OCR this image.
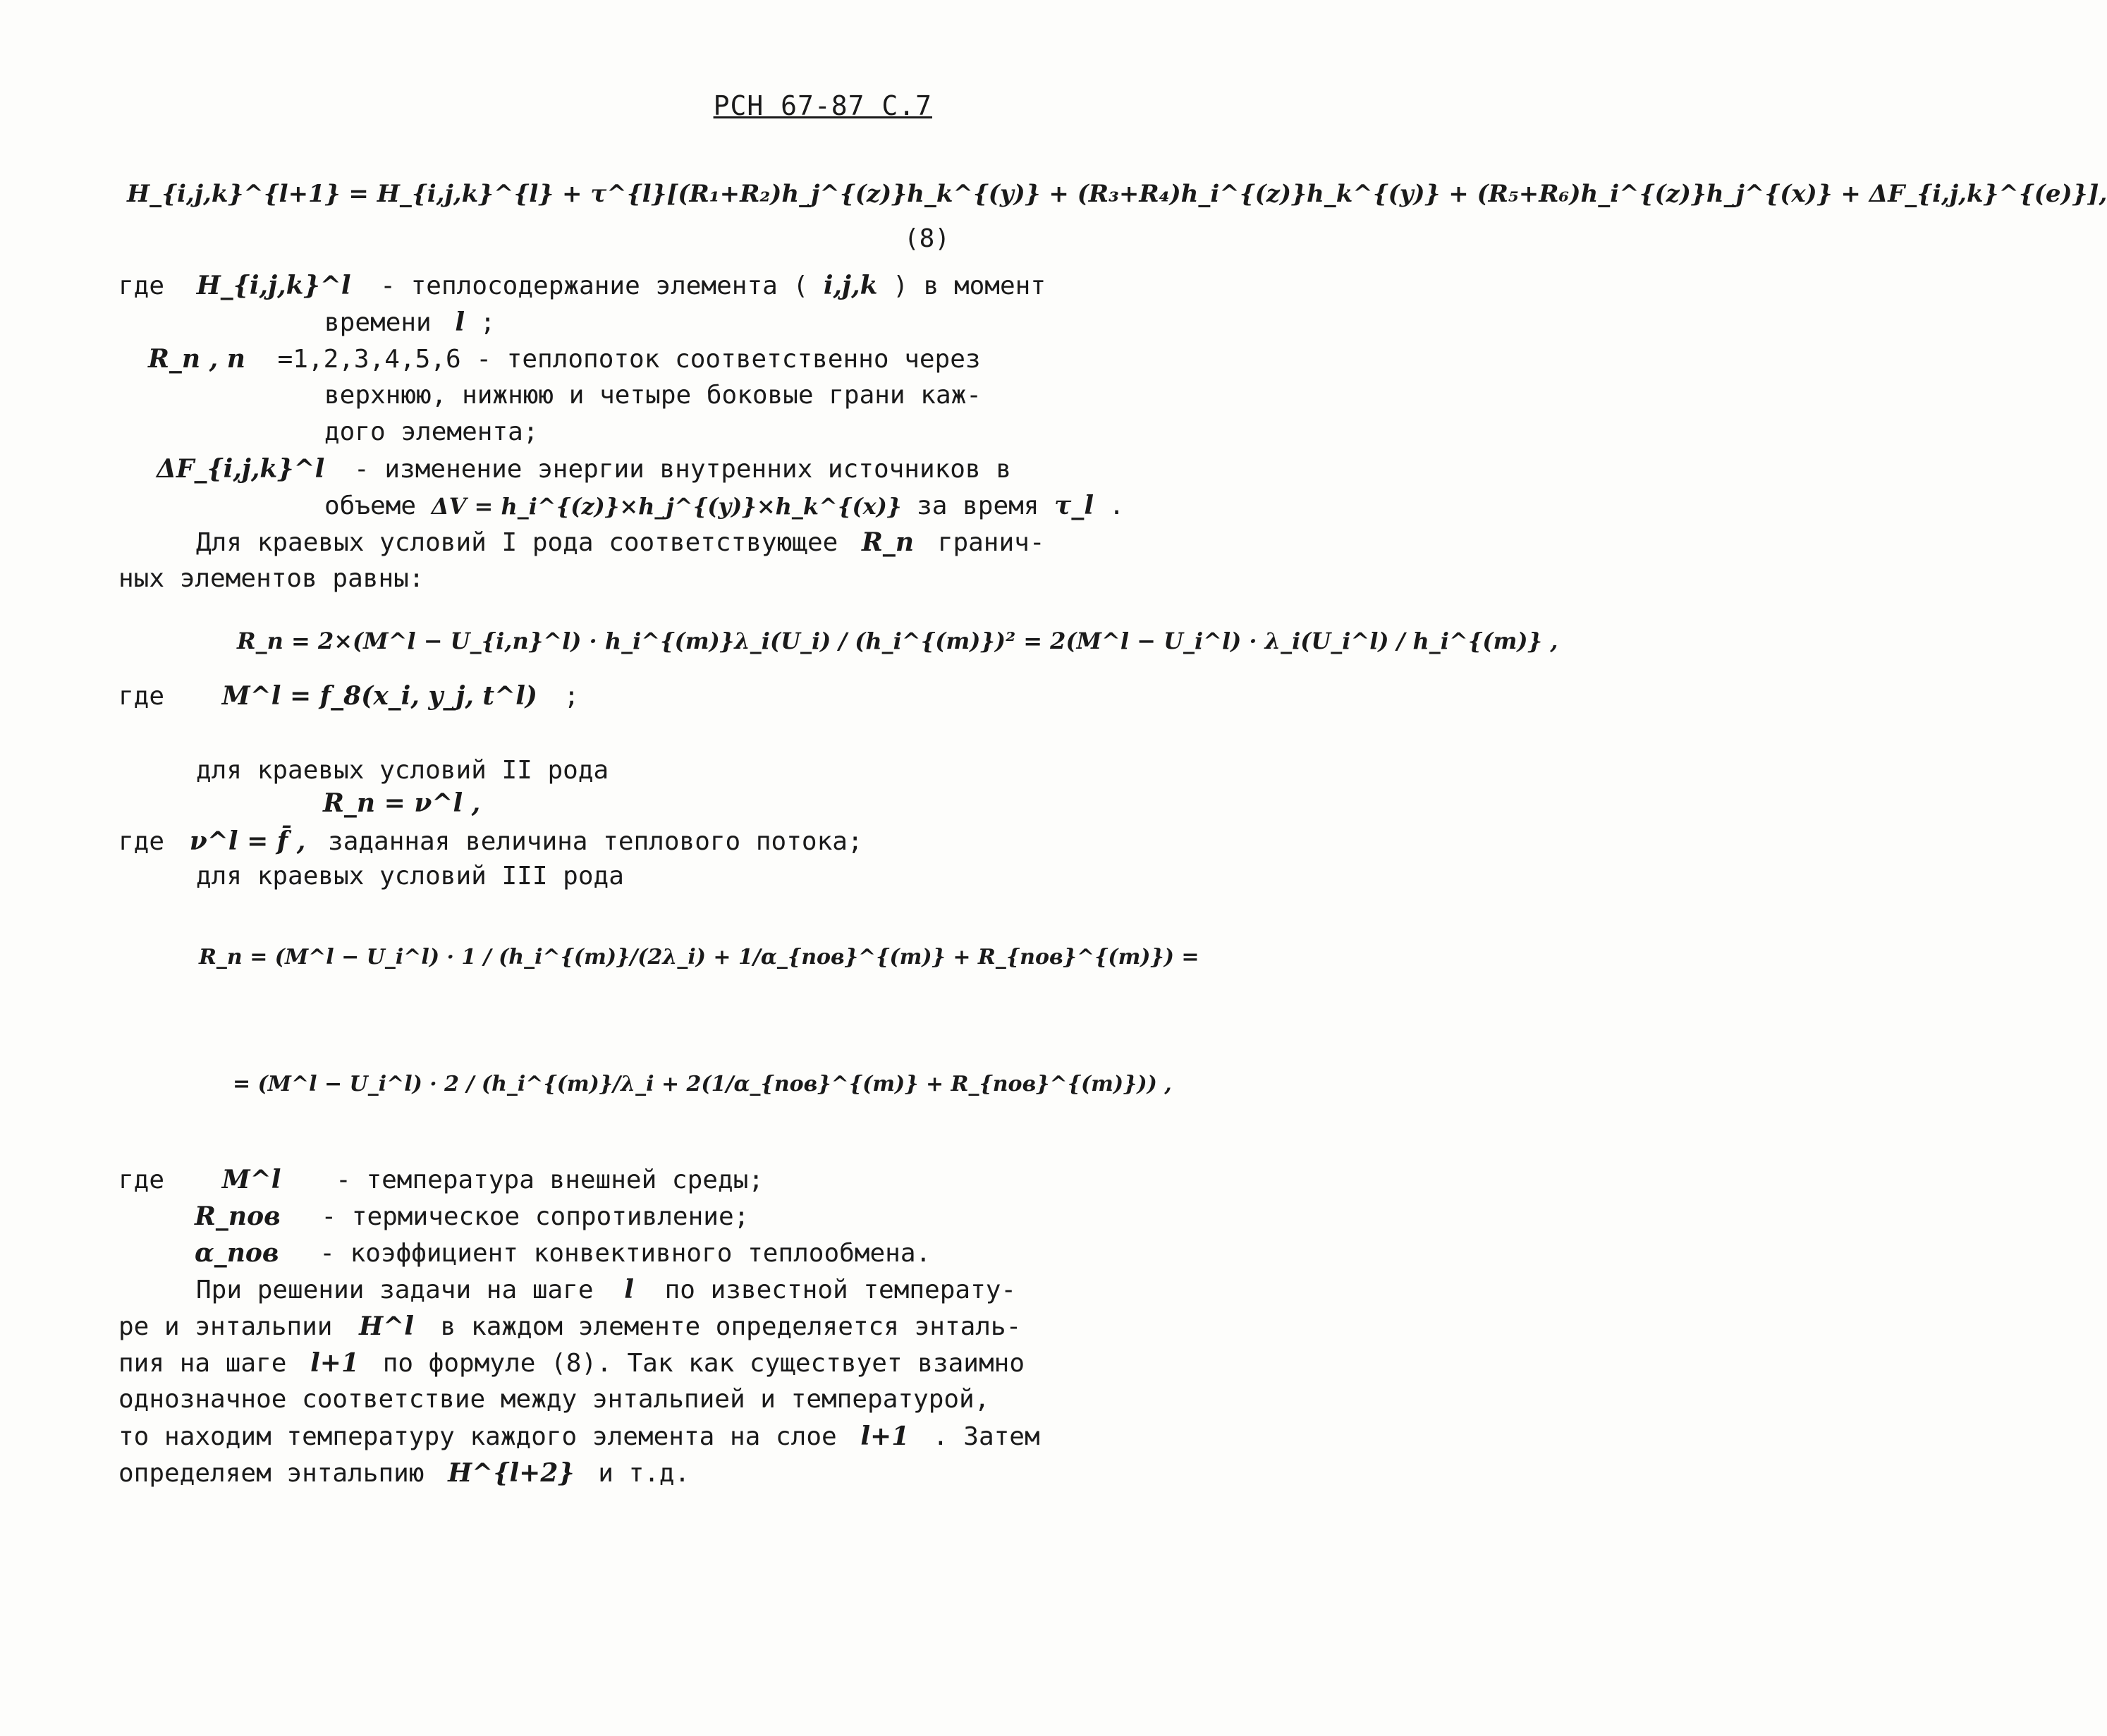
РСН 67-87 С.7
H_{i,j,k}^{l+1} = H_{i,j,k}^{l} + τ^{l}[(R₁+R₂)h_j^{(z)}h_k^{(y)} + (R₃+R₄)h_i^{(z)}h_k^{(y)} + (R₅+R₆)h_i^{(z)}h_j^{(x)} + ΔF_{i,j,k}^{(e)}],
(8)
где H_{i,j,k}^l - теплосодержание элемента ( i,j,k ) в момент
времени l ;
R_n , n =1,2,3,4,5,6 - теплопоток соответственно через
верхнюю, нижнюю и четыре боковые грани каж-
дого элемента;
ΔF_{i,j,k}^l - изменение энергии внутренних источников в
объеме ΔV = h_i^{(z)}×h_j^{(y)}×h_k^{(x)} за время τ_l .
Для краевых условий I рода соответствующее R_n гранич-
ных элементов равны:
R_n = 2×(M^l − U_{i,n}^l) · h_i^{(m)}λ_i(U_i) / (h_i^{(m)})² = 2(M^l − U_i^l) · λ_i(U_i^l) / h_i^{(m)} ,
где M^l = f_8(x_i, y_j, t^l) ;
для краевых условий II рода
R_n = ν^l ,
где ν^l = f̄ , заданная величина теплового потока;
для краевых условий III рода
R_n = (M^l − U_i^l) · 1 / (h_i^{(m)}/(2λ_i) + 1/α_{пов}^{(m)} + R_{пов}^{(m)}) =
= (M^l − U_i^l) · 2 / (h_i^{(m)}/λ_i + 2(1/α_{пов}^{(m)} + R_{пов}^{(m)})) ,
где M^l - температура внешней среды;
R_пов - термическое сопротивление;
α_пов - коэффициент конвективного теплообмена.
При решении задачи на шаге l по известной температу-
ре и энтальпии H^l в каждом элементе определяется энталь-
пия на шаге l+1 по формуле (8). Так как существует взаимно
однозначное соответствие между энтальпией и температурой,
то находим температуру каждого элемента на слое l+1 . Затем
определяем энтальпию H^{l+2} и т.д.
